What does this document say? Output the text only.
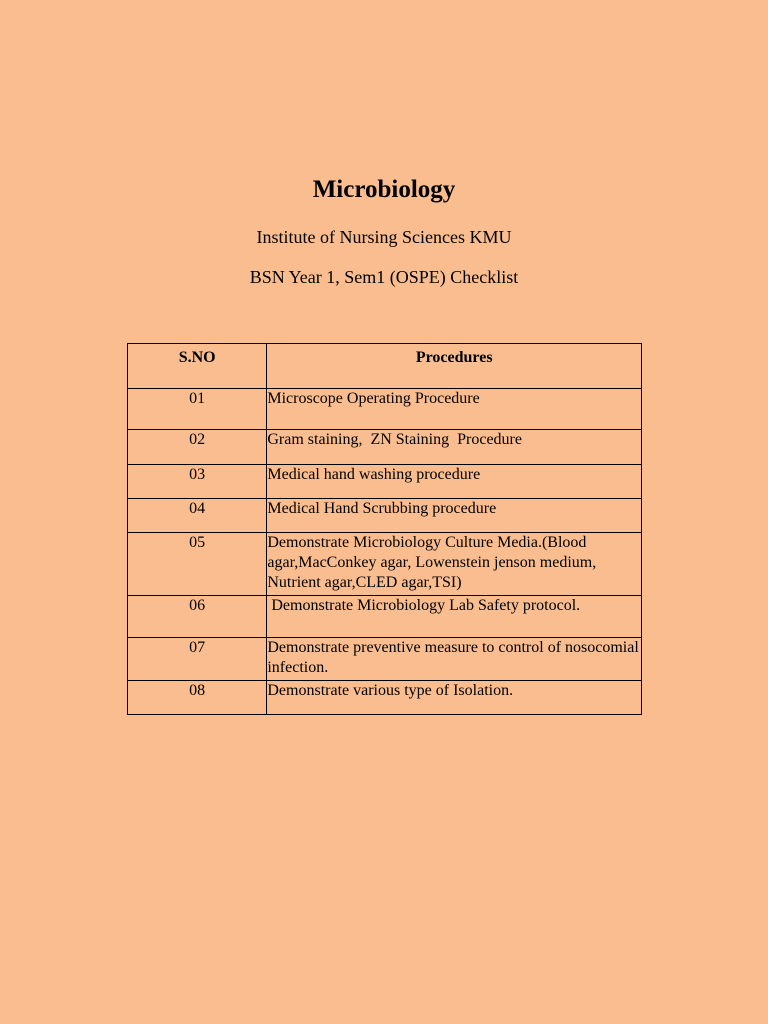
Microbiology

Institute of Nursing Sciences KMU

BSN Year 1, Sem1 (OSPE) Checklist

S.NO	Procedures
01	Microscope Operating Procedure
02	Gram staining,  ZN Staining  Procedure
03	Medical hand washing procedure
04	Medical Hand Scrubbing procedure
05	Demonstrate Microbiology Culture Media.(Blood agar,MacConkey agar, Lowenstein jenson medium, Nutrient agar,CLED agar,TSI)
06	Demonstrate Microbiology Lab Safety protocol.
07	Demonstrate preventive measure to control of nosocomial infection.
08	Demonstrate various type of Isolation.
